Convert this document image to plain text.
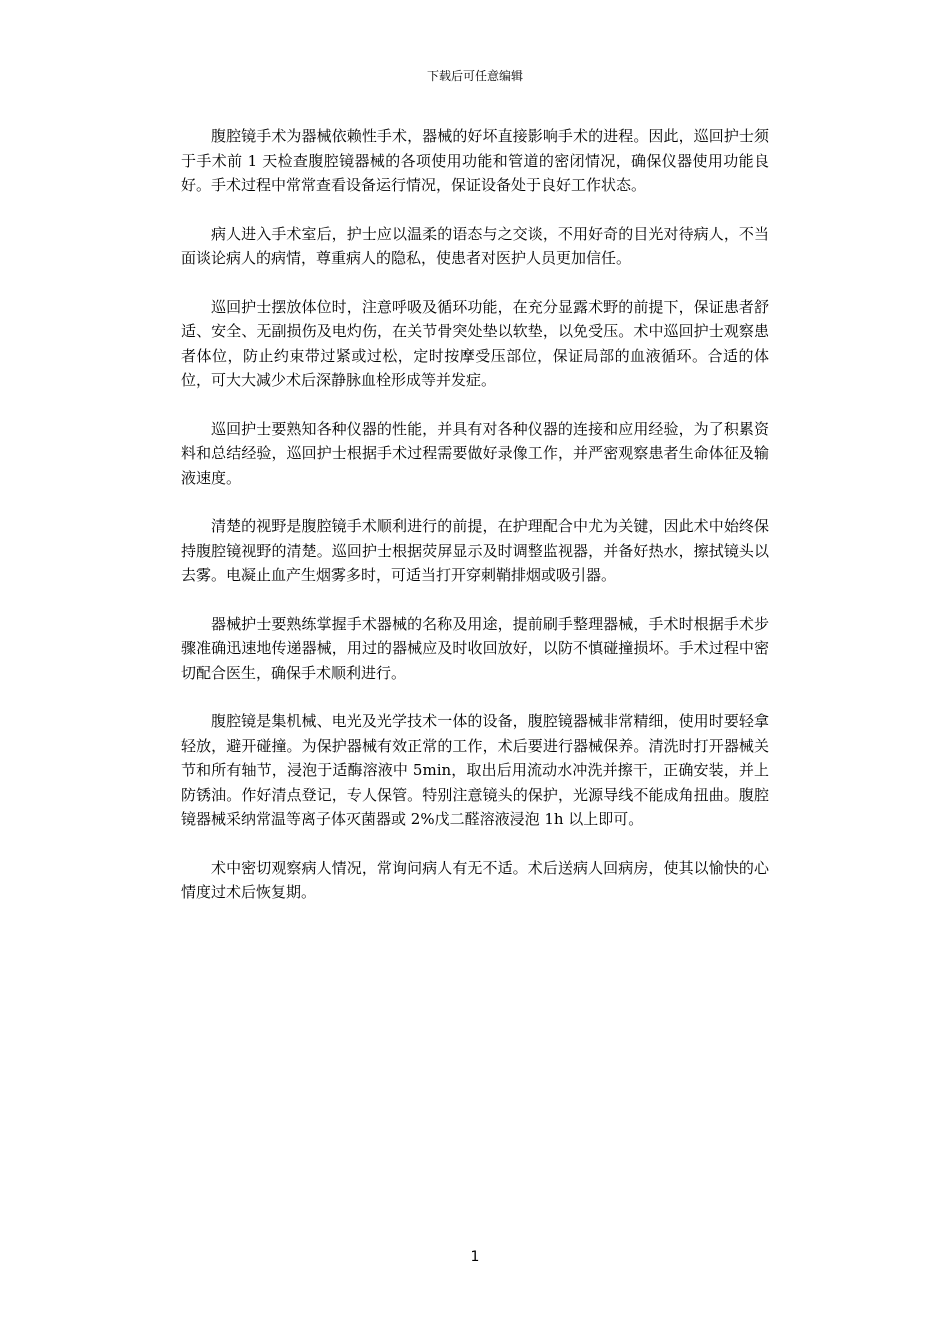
下载后可任意编辑

腹腔镜手术为器械依赖性手术，器械的好坏直接影响手术的进程。因此，巡回护士须于手术前 1 天检查腹腔镜器械的各项使用功能和管道的密闭情况，确保仪器使用功能良好。手术过程中常常查看设备运行情况，保证设备处于良好工作状态。

病人进入手术室后，护士应以温柔的语态与之交谈，不用好奇的目光对待病人，不当面谈论病人的病情，尊重病人的隐私，使患者对医护人员更加信任。

巡回护士摆放体位时，注意呼吸及循环功能，在充分显露术野的前提下，保证患者舒适、安全、无副损伤及电灼伤，在关节骨突处垫以软垫，以免受压。术中巡回护士观察患者体位，防止约束带过紧或过松，定时按摩受压部位，保证局部的血液循环。合适的体位，可大大减少术后深静脉血栓形成等并发症。

巡回护士要熟知各种仪器的性能，并具有对各种仪器的连接和应用经验，为了积累资料和总结经验，巡回护士根据手术过程需要做好录像工作，并严密观察患者生命体征及输液速度。

清楚的视野是腹腔镜手术顺利进行的前提，在护理配合中尤为关键，因此术中始终保持腹腔镜视野的清楚。巡回护士根据荧屏显示及时调整监视器，并备好热水，擦拭镜头以去雾。电凝止血产生烟雾多时，可适当打开穿刺鞘排烟或吸引器。

器械护士要熟练掌握手术器械的名称及用途，提前刷手整理器械，手术时根据手术步骤准确迅速地传递器械，用过的器械应及时收回放好，以防不慎碰撞损坏。手术过程中密切配合医生，确保手术顺利进行。

腹腔镜是集机械、电光及光学技术一体的设备，腹腔镜器械非常精细，使用时要轻拿轻放，避开碰撞。为保护器械有效正常的工作，术后要进行器械保养。清洗时打开器械关节和所有轴节，浸泡于适酶溶液中 5min，取出后用流动水冲洗并擦干，正确安装，并上防锈油。作好清点登记，专人保管。特别注意镜头的保护，光源导线不能成角扭曲。腹腔镜器械采纳常温等离子体灭菌器或 2%戊二醛溶液浸泡 1h 以上即可。

术中密切观察病人情况，常询问病人有无不适。术后送病人回病房，使其以愉快的心情度过术后恢复期。

1
